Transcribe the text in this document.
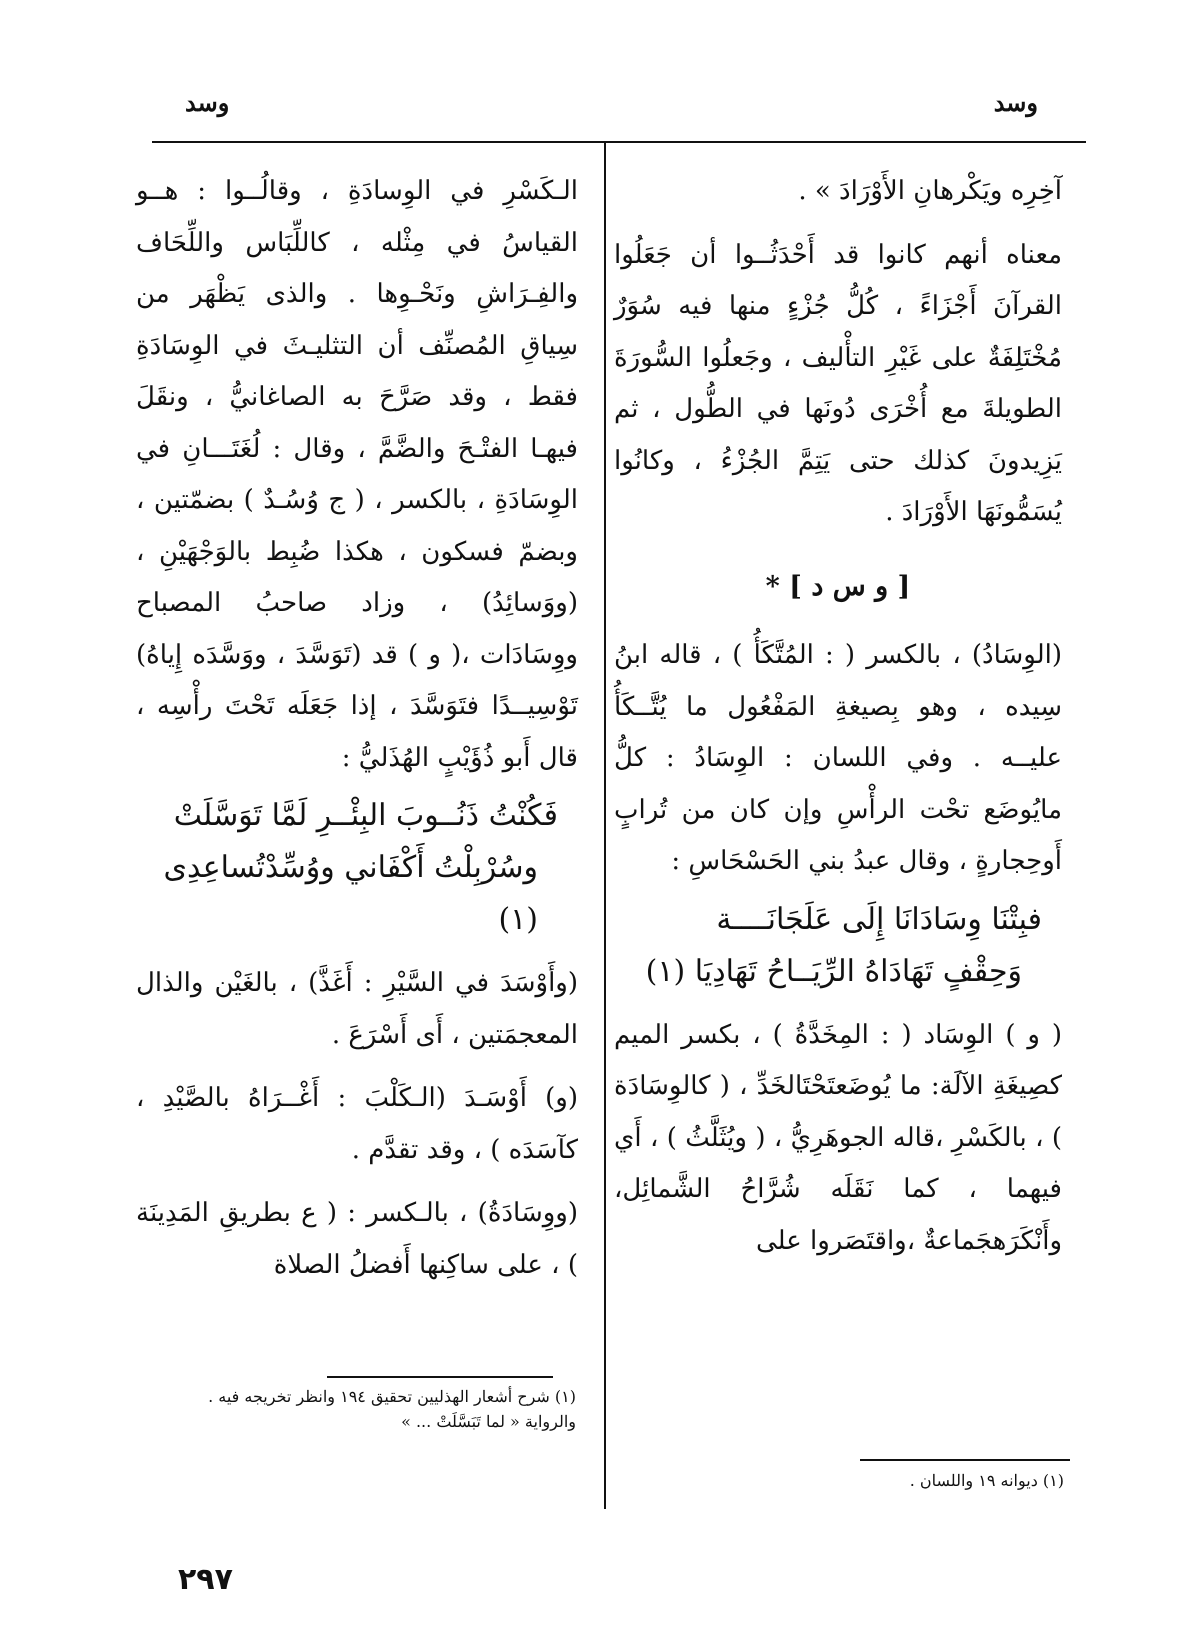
وسد
وسد

آخِرِه ويَكْرهانِ الأَوْرَادَ » .

معناه أنهم كانوا قد أَحْدَثُــوا أن جَعَلُوا القرآنَ أَجْزَاءً ، كُلُّ جُزْءٍ منها فيه سُوَرٌ مُخْتَلِفَةٌ على غَيْرِ التأْليف ، وجَعلُوا السُّورَةَ الطويلةَ مع أُخْرَى دُونَها في الطُّول ، ثم يَزِيدونَ كذلك حتى يَتِمَّ الجُزْءُ ، وكانُوا يُسَمُّونَهَا الأَوْرَادَ .

[ و س د ] *

(الوِسَادُ) ، بالكسر ( : المُتَّكَأُ ) ، قاله ابنُ سِيده ، وهو بِصيغةِ المَفْعُول ما يُتَّــكَأُ عليــه . وفي اللسان : الوِسَادُ : كلُّ مايُوضَع تحْت الرأْسِ وإن كان من تُرابٍ أَوحِجارةٍ ، وقال عبدُ بني الحَسْحَاسِ :

فبِتْنَا وِسَادَانَا إِلَى عَلَجَانَــــة
وَحِقْفٍ تَهَادَاهُ الرِّيَــاحُ تَهَادِيَا (١)

( و ) الوِسَاد ( : المِخَدَّةُ ) ، بكسر الميم كصِيغَةِ الآلَة: ما يُوضَعتَحْتَالخَدِّ ، ( كالوِسَادَة ) ، بالكَسْرِ ،قاله الجوهَرِيُّ ، ( ويُثَلَّثُ ) ، أَي فيهما ، كما نَقَلَه شُرَّاحُ الشَّمائِل، وأَنْكَرَهجَماعةٌ ،واقتَصَروا على

الـكَسْرِ في الوِسادَةِ ، وقالُــوا : هــو القياسُ في مِثْله ، كاللِّبَاس واللِّحَاف والفِـرَاشِ ونَحْـوِها . والذى يَظْهَر من سِياقِ المُصنِّف أن التثليـثَ في الوِسَادَةِ فقط ، وقد صَرَّحَ به الصاغانيُّ ، ونقَلَ فيهـا الفتْـحَ والضَّمَّ ، وقال : لُغَتَـــانِ في الوِسَادَةِ ، بالكسر ، ( ج وُسُـدٌ ) بضمّتين ، وبضمّ فسكون ، هكذا ضُبِط بالوَجْهَيْنِ ، (ووَسائِدُ) ، وزاد صاحبُ المصباح ووِسَادَات ،( و ) قد (تَوَسَّدَ ، ووَسَّدَه إِياهُ) تَوْسِيــدًا فتَوَسَّدَ ، إذا جَعَلَه تَحْتَ رأْسِه ، قال أَبو ذُؤَيْبٍ الهُذَليُّ :

فَكُنْتُ ذَنُــوبَ البِئْــرِ لَمَّا تَوَسَّلَتْ
وسُرْبِلْتُ أَكْفَاني ووُسِّدْتُساعِدِى (١)

(وأَوْسَدَ في السَّيْرِ : أَغَذَّ) ، بالغَيْن والذال المعجمَتين ، أَى أَسْرَعَ .

(و) أَوْسَـدَ (الـكَلْبَ : أَغْــرَاهُ بالصَّيْدِ ، كآسَدَه ) ، وقد تقدَّم .

(ووِسَادَةُ) ، بالـكسر : ( ع بطريقِ المَدِينَة ) ، على ساكِنها أَفضلُ الصلاة

(١) ديوانه ١٩ واللسان .
(١) شرح أشعار الهذليين تحقيق ١٩٤ وانظر تخريجه فيه .
والرواية « لما تَبَسَّلَتْ ... »
٢٩٧
